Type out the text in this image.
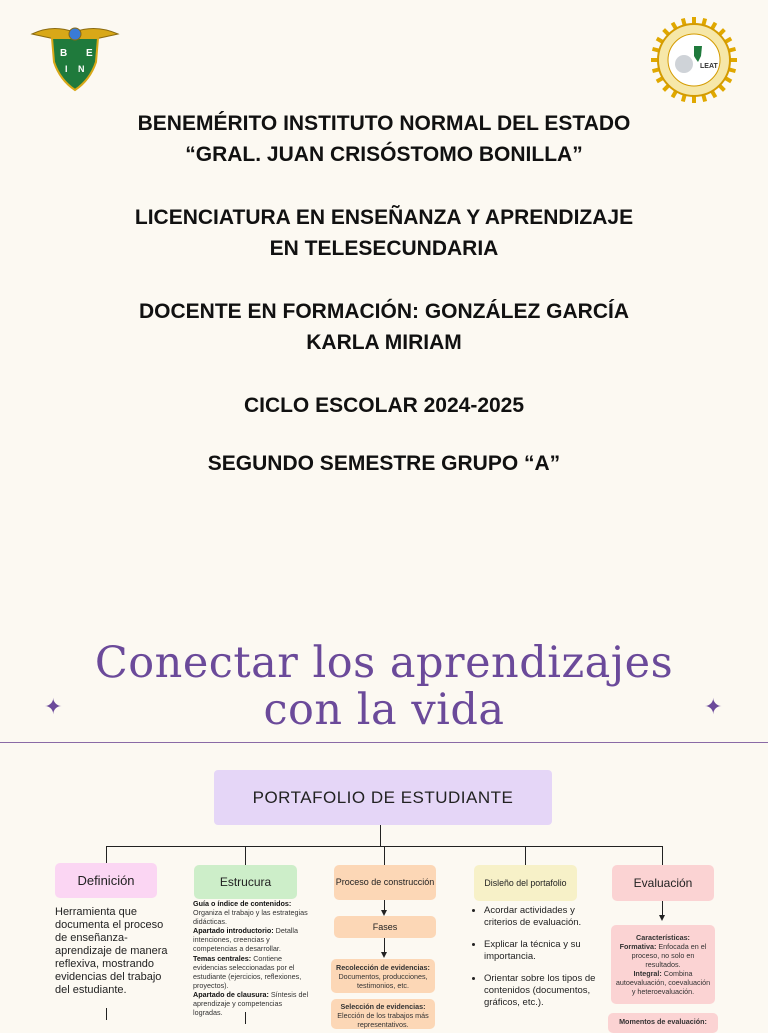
B E
I N	LEAT

BENEMÉRITO INSTITUTO NORMAL DEL ESTADO

“GRAL. JUAN CRISÓSTOMO BONILLA”

LICENCIATURA EN ENSEÑANZA Y APRENDIZAJE

EN TELESECUNDARIA

DOCENTE EN FORMACIÓN: GONZÁLEZ GARCÍA

KARLA MIRIAM

CICLO ESCOLAR 2024-2025

SEGUNDO SEMESTRE GRUPO “A”

Conectar los aprendizajes
con la vida
✦	✦
PORTAFOLIO DE ESTUDIANTE
Definición
Herramienta que documenta el proceso de enseñanza-aprendizaje de manera reflexiva, mostrando evidencias del trabajo del estudiante.
Estrucura
Guía o índice de contenidos: Organiza el trabajo y las estrategias didácticas.
Apartado introductorio: Detalla intenciones, creencias y competencias a desarrollar.
Temas centrales: Contiene evidencias seleccionadas por el estudiante (ejercicios, reflexiones, proyectos).
Apartado de clausura: Síntesis del aprendizaje y competencias logradas.
Proceso de construcción
Fases
Recolección de evidencias:
Documentos, producciones, testimonios, etc.
Selección de evidencias:
Elección de los trabajos más representativos.
Disleño del portafolio
• Acordar actividades y criterios de evaluación.
• Explicar la técnica y su importancia.
• Orientar sobre los tipos de contenidos (documentos, gráficos, etc.).
Evaluación
Características:
Formativa: Enfocada en el proceso, no solo en resultados.
Integral: Combina autoevaluación, coevaluación y heteroevaluación.
Momentos de evaluación:
